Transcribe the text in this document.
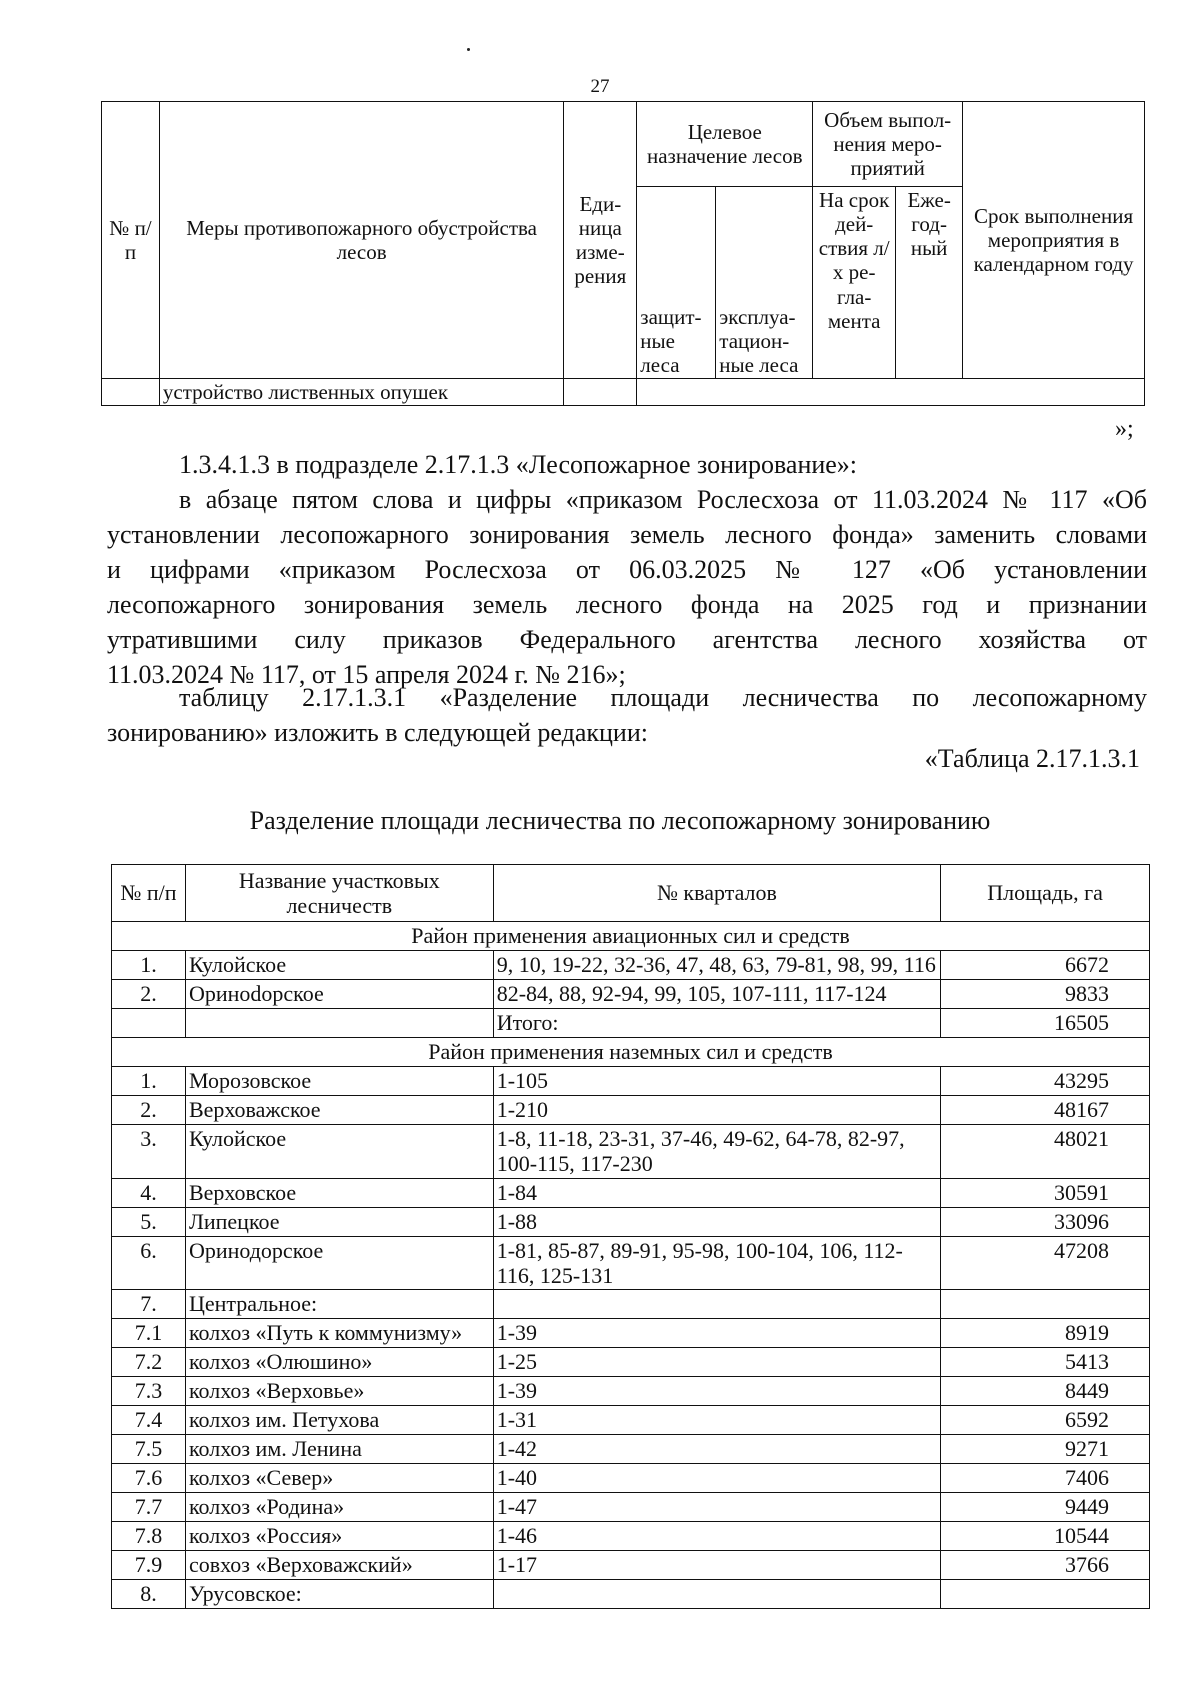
27
№ п/п	Меры противопожарного обустройства лесов	Еди-ница изме-рения	Целевое назначение лесов		Объем выпол-нения меро-приятий		Срок выполнения мероприятия в календарном году
			защит-ные леса	эксплуа-тацион-ные леса	На срок дей-ствия л/х ре-гла-мента	Еже-год-ный	
	устройство лиственных опушек						
»;
1.3.4.1.3 в подразделе 2.17.1.3 «Лесопожарное зонирование»:
в абзаце пятом слова и цифры «приказом Рослесхоза от 11.03.2024 № 117 «Об
установлении лесопожарного зонирования земель лесного фонда» заменить словами
и цифрами «приказом Рослесхоза от 06.03.2025 № 127 «Об установлении
лесопожарного зонирования земель лесного фонда на 2025 год и признании
утратившими силу приказов Федерального агентства лесного хозяйства от
11.03.2024 № 117, от 15 апреля 2024 г. № 216»;
таблицу 2.17.1.3.1 «Разделение площади лесничества по лесопожарному
зонированию» изложить в следующей редакции:
«Таблица 2.17.1.3.1
Разделение площади лесничества по лесопожарному зонированию
№ п/п	Название участковых лесничеств	№ кварталов	Площадь, га
Район применения авиационных сил и средств			
1.	Кулойское	9, 10, 19-22, 32-36, 47, 48, 63, 79-81, 98, 99, 116	6672
2.	Ориноdорское	82-84, 88, 92-94, 99, 105, 107-111, 117-124	9833
		Итого:	16505
Район применения наземных сил и средств			
1.	Морозовское	1-105	43295
2.	Верховажское	1-210	48167
3.	Кулойское	1-8, 11-18, 23-31, 37-46, 49-62, 64-78, 82-97, 100-115, 117-230	48021
4.	Верховское	1-84	30591
5.	Липецкое	1-88	33096
6.	Оринодорское	1-81, 85-87, 89-91, 95-98, 100-104, 106, 112-116, 125-131	47208
7.	Центральное:		
7.1	колхоз «Путь к коммунизму»	1-39	8919
7.2	колхоз «Олюшино»	1-25	5413
7.3	колхоз «Верховье»	1-39	8449
7.4	колхоз им. Петухова	1-31	6592
7.5	колхоз им. Ленина	1-42	9271
7.6	колхоз «Север»	1-40	7406
7.7	колхоз «Родина»	1-47	9449
7.8	колхоз «Россия»	1-46	10544
7.9	совхоз «Верховажский»	1-17	3766
8.	Урусовское:		
